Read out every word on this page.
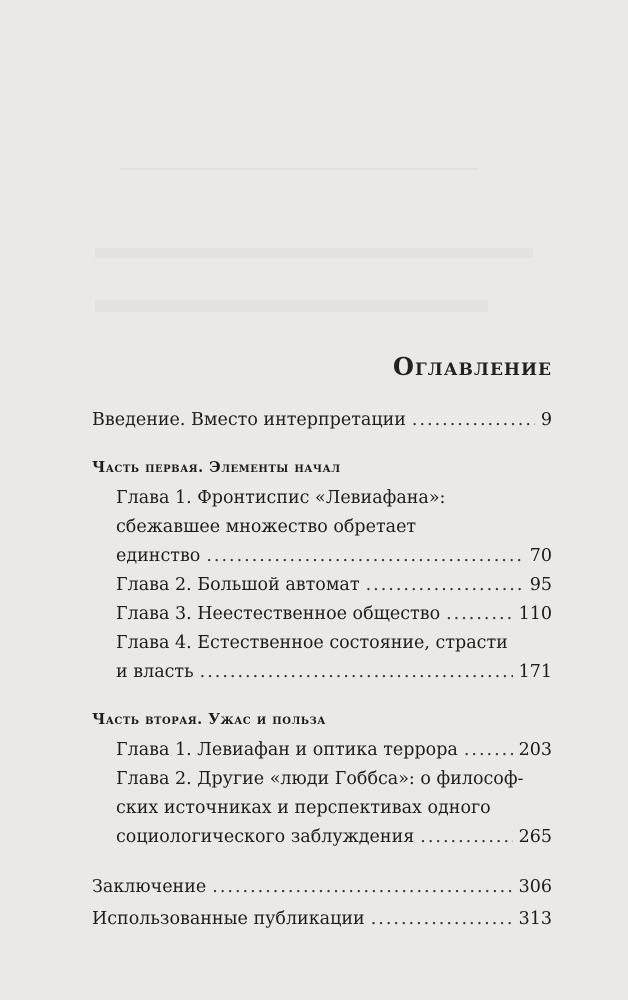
Оглавление
Введение. Вместо интерпретации .....	9
Часть первая. Элементы начал
Глава 1. Фронтиспис «Левиафана»:
сбежавшее множество обретает
единство .....	70
Глава 2. Большой автомат .....	95
Глава 3. Неестественное общество .....	110
Глава 4. Естественное состояние, страсти
и власть .....	171
Часть вторая. Ужас и польза
Глава 1. Левиафан и оптика террора .....	203
Глава 2. Другие «люди Гоббса»: о философ-
ских источниках и перспективах одного
социологического заблуждения .....	265
Заключение .....	306
Использованные публикации .....	313
